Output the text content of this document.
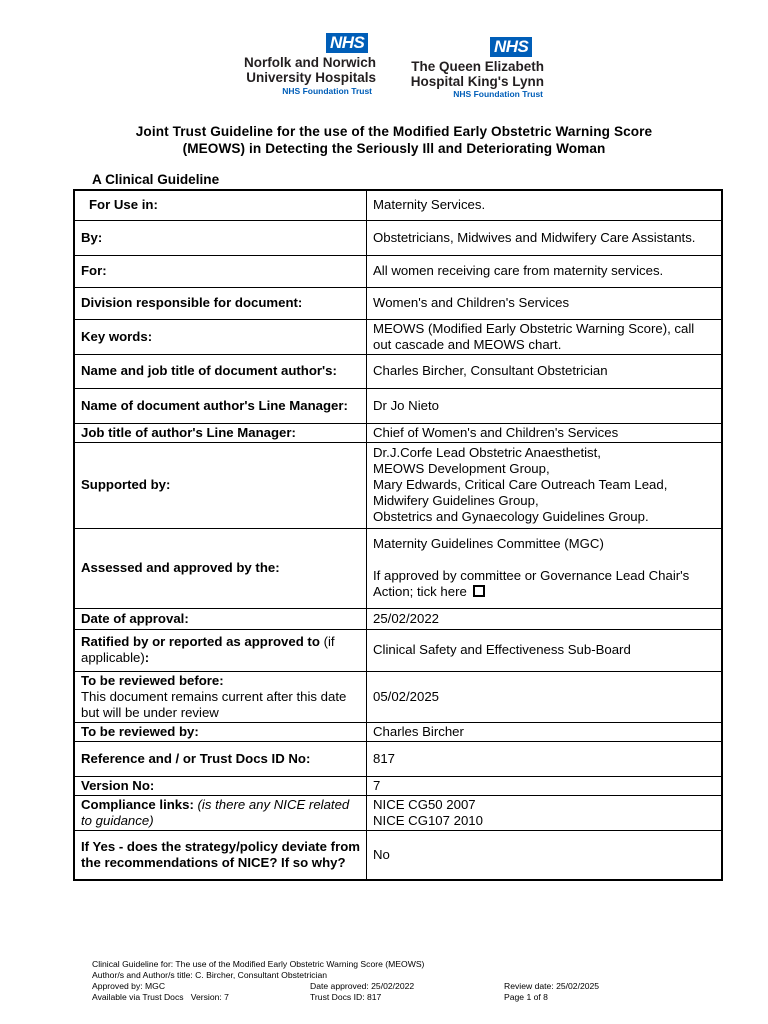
NHS
Norfolk and Norwich
University Hospitals
NHS Foundation Trust
NHS
The Queen Elizabeth
Hospital King's Lynn
NHS Foundation Trust
Joint Trust Guideline for the use of the Modified Early Obstetric Warning Score
(MEOWS) in Detecting the Seriously Ill and Deteriorating Woman
A Clinical Guideline
For Use in:	Maternity Services.
By:	Obstetricians, Midwives and Midwifery Care Assistants.
For:	All women receiving care from maternity services.
Division responsible for document:	Women's and Children's Services
Key words:	MEOWS (Modified Early Obstetric Warning Score), call out cascade and MEOWS chart.
Name and job title of document author's:	Charles Bircher, Consultant Obstetrician
Name of document author's Line Manager:	Dr Jo Nieto
Job title of author's Line Manager:	Chief of Women's and Children's Services
Supported by:	Dr.J.Corfe Lead Obstetric Anaesthetist,
MEOWS Development Group,
Mary Edwards, Critical Care Outreach Team Lead,
Midwifery Guidelines Group,
Obstetrics and Gynaecology Guidelines Group.

Assessed and approved by the:	Maternity Guidelines Committee (MGC)
If approved by committee or Governance Lead Chair's Action; tick here

Date of approval:	25/02/2022
Ratified by or reported as approved to (if applicable):	Clinical Safety and Effectiveness Sub-Board

To be reviewed before:
This document remains current after this date but will be under review	05/02/2025
To be reviewed by:	Charles Bircher
Reference and / or Trust Docs ID No:	817
Version No:	7
Compliance links: (is there any NICE related to guidance)	NICE CG50 2007
NICE CG107 2010

If Yes - does the strategy/policy deviate from the recommendations of NICE? If so why?	No
Clinical Guideline for: The use of the Modified Early Obstetric Warning Score (MEOWS)
Author/s and Author/s title: C. Bircher, Consultant Obstetrician
Approved by: MGC	Date approved: 25/02/2022	Review date: 25/02/2025
Available via Trust Docs Version: 7	Trust Docs ID: 817	Page 1 of 8
